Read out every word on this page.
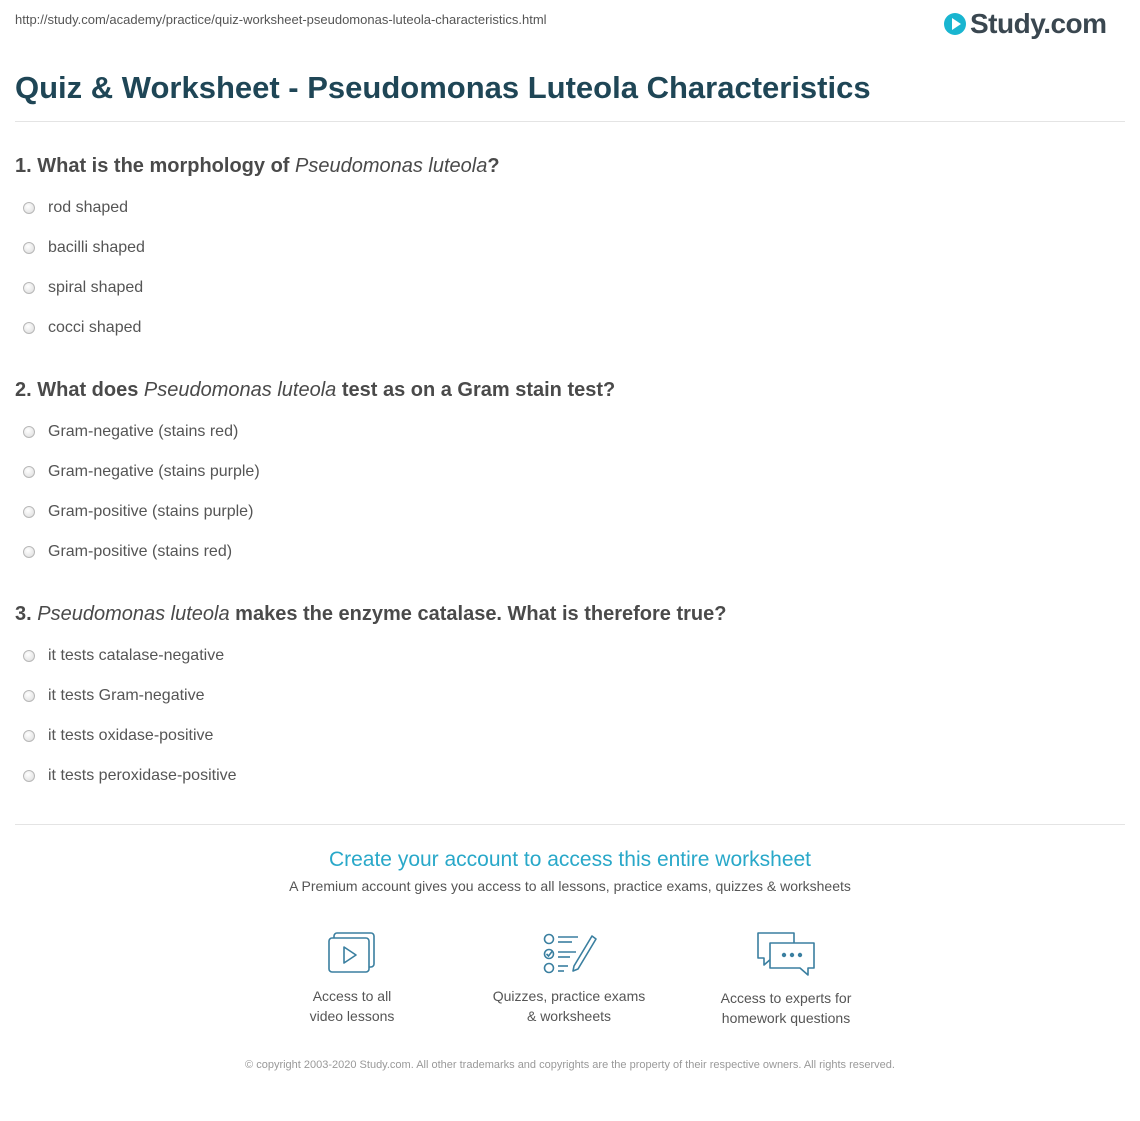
http://study.com/academy/practice/quiz-worksheet-pseudomonas-luteola-characteristics.html	Study.com
Quiz & Worksheet - Pseudomonas Luteola Characteristics
1. What is the morphology of Pseudomonas luteola?
rod shaped
bacilli shaped
spiral shaped
cocci shaped
2. What does Pseudomonas luteola test as on a Gram stain test?
Gram-negative (stains red)
Gram-negative (stains purple)
Gram-positive (stains purple)
Gram-positive (stains red)
3. Pseudomonas luteola makes the enzyme catalase. What is therefore true?
it tests catalase-negative
it tests Gram-negative
it tests oxidase-positive
it tests peroxidase-positive
Create your account to access this entire worksheet
A Premium account gives you access to all lessons, practice exams, quizzes & worksheets
Access to all
video lessons
Quizzes, practice exams
& worksheets
Access to experts for
homework questions
© copyright 2003-2020 Study.com. All other trademarks and copyrights are the property of their respective owners. All rights reserved.
